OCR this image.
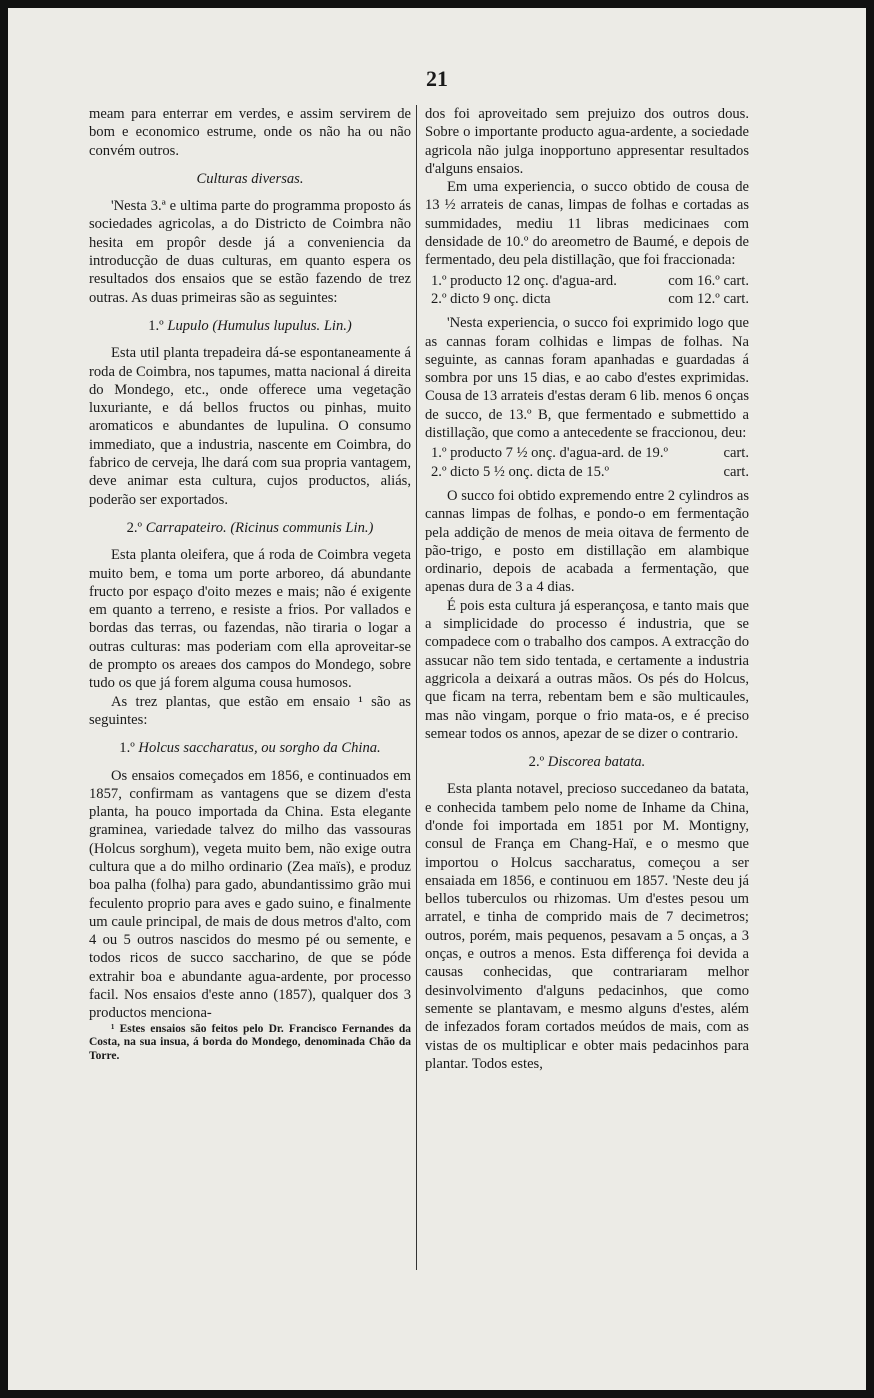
21

meam para enterrar em verdes, e assim servirem de bom e economico estrume, onde os não ha ou não convém outros.

Culturas diversas.

'Nesta 3.ª e ultima parte do programma proposto ás sociedades agricolas, a do Districto de Coimbra não hesita em propôr desde já a conveniencia da introducção de duas culturas, em quanto espera os resultados dos ensaios que se estão fazendo de trez outras. As duas primeiras são as seguintes:

1.º Lupulo (Humulus lupulus. Lin.)

Esta util planta trepadeira dá-se espontaneamente á roda de Coimbra, nos tapumes, matta nacional á direita do Mondego, etc., onde offerece uma vegetação luxuriante, e dá bellos fructos ou pinhas, muito aromaticos e abundantes de lupulina. O consumo immediato, que a industria, nascente em Coimbra, do fabrico de cerveja, lhe dará com sua propria vantagem, deve animar esta cultura, cujos productos, aliás, poderão ser exportados.

2.º Carrapateiro. (Ricinus communis Lin.)

Esta planta oleifera, que á roda de Coimbra vegeta muito bem, e toma um porte arboreo, dá abundante fructo por espaço d'oito mezes e mais; não é exigente em quanto a terreno, e resiste a frios. Por vallados e bordas das terras, ou fazendas, não tiraria o logar a outras culturas: mas poderiam com ella aproveitar-se de prompto os areaes dos campos do Mondego, sobre tudo os que já forem alguma cousa humosos.

As trez plantas, que estão em ensaio ¹ são as seguintes:

1.º Holcus saccharatus, ou sorgho da China.

Os ensaios começados em 1856, e continuados em 1857, confirmam as vantagens que se dizem d'esta planta, ha pouco importada da China. Esta elegante graminea, variedade talvez do milho das vassouras (Holcus sorghum), vegeta muito bem, não exige outra cultura que a do milho ordinario (Zea maïs), e produz boa palha (folha) para gado, abundantissimo grão mui feculento proprio para aves e gado suino, e finalmente um caule principal, de mais de dous metros d'alto, com 4 ou 5 outros nascidos do mesmo pé ou semente, e todos ricos de succo saccharino, de que se póde extrahir boa e abundante agua-ardente, por processo facil. Nos ensaios d'este anno (1857), qualquer dos 3 productos menciona-

¹ Estes ensaios são feitos pelo Dr. Francisco Fernandes da Costa, na sua insua, á borda do Mondego, denominada Chão da Torre.

dos foi aproveitado sem prejuizo dos outros dous. Sobre o importante producto agua-ardente, a sociedade agricola não julga inopportuno appresentar resultados d'alguns ensaios.

Em uma experiencia, o succo obtido de cousa de 13 ½ arrateis de canas, limpas de folhas e cortadas as summidades, mediu 11 libras medicinaes com densidade de 10.º do areometro de Baumé, e depois de fermentado, deu pela distillação, que foi fraccionada:

1.º producto 12 onç. d'agua-ard.	com 16.º cart.
2.º dicto 9 onç. dicta	com 12.º cart.

'Nesta experiencia, o succo foi exprimido logo que as cannas foram colhidas e limpas de folhas. Na seguinte, as cannas foram apanhadas e guardadas á sombra por uns 15 dias, e ao cabo d'estes exprimidas. Cousa de 13 arrateis d'estas deram 6 lib. menos 6 onças de succo, de 13.º B, que fermentado e submettido a distillação, que como a antecedente se fraccionou, deu:

1.º producto 7 ½ onç. d'agua-ard. de 19.º	cart.
2.º dicto 5 ½ onç. dicta de 15.º	cart.

O succo foi obtido expremendo entre 2 cylindros as cannas limpas de folhas, e pondo-o em fermentação pela addição de menos de meia oitava de fermento de pão-trigo, e posto em distillação em alambique ordinario, depois de acabada a fermentação, que apenas dura de 3 a 4 dias.

É pois esta cultura já esperançosa, e tanto mais que a simplicidade do processo é industria, que se compadece com o trabalho dos campos. A extracção do assucar não tem sido tentada, e certamente a industria aggricola a deixará a outras mãos. Os pés do Holcus, que ficam na terra, rebentam bem e são multicaules, mas não vingam, porque o frio mata-os, e é preciso semear todos os annos, apezar de se dizer o contrario.

2.º Discorea batata.

Esta planta notavel, precioso succedaneo da batata, e conhecida tambem pelo nome de Inhame da China, d'onde foi importada em 1851 por M. Montigny, consul de França em Chang-Haï, e o mesmo que importou o Holcus saccharatus, começou a ser ensaiada em 1856, e continuou em 1857. 'Neste deu já bellos tuberculos ou rhizomas. Um d'estes pesou um arratel, e tinha de comprido mais de 7 decimetros; outros, porém, mais pequenos, pesavam a 5 onças, a 3 onças, e outros a menos. Esta differença foi devida a causas conhecidas, que contrariaram melhor desinvolvimento d'alguns pedacinhos, que como semente se plantavam, e mesmo alguns d'estes, além de infezados foram cortados meúdos de mais, com as vistas de os multiplicar e obter mais pedacinhos para plantar. Todos estes,
